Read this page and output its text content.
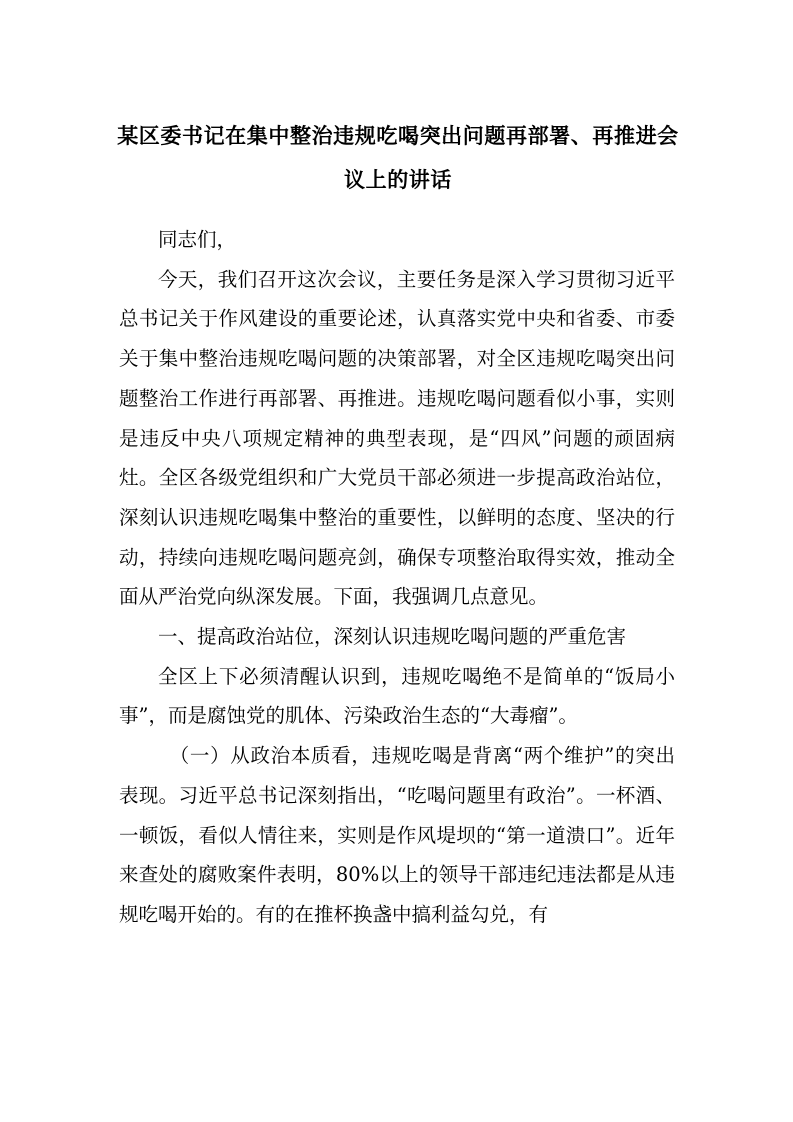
某区委书记在集中整治违规吃喝突出问题再部署、再推进会议上的讲话

同志们，

今天，我们召开这次会议，主要任务是深入学习贯彻习近平总书记关于作风建设的重要论述，认真落实党中央和省委、市委关于集中整治违规吃喝问题的决策部署，对全区违规吃喝突出问题整治工作进行再部署、再推进。违规吃喝问题看似小事，实则是违反中央八项规定精神的典型表现，是“四风”问题的顽固病灶。全区各级党组织和广大党员干部必须进一步提高政治站位，深刻认识违规吃喝集中整治的重要性，以鲜明的态度、坚决的行动，持续向违规吃喝问题亮剑，确保专项整治取得实效，推动全面从严治党向纵深发展。下面，我强调几点意见。

一、提高政治站位，深刻认识违规吃喝问题的严重危害

全区上下必须清醒认识到，违规吃喝绝不是简单的“饭局小事”，而是腐蚀党的肌体、污染政治生态的“大毒瘤”。

（一）从政治本质看，违规吃喝是背离“两个维护”的突出表现。习近平总书记深刻指出，“吃喝问题里有政治”。一杯酒、一顿饭，看似人情往来，实则是作风堤坝的“第一道溃口”。近年来查处的腐败案件表明，80%以上的领导干部违纪违法都是从违规吃喝开始的。有的在推杯换盏中搞利益勾兑，有
